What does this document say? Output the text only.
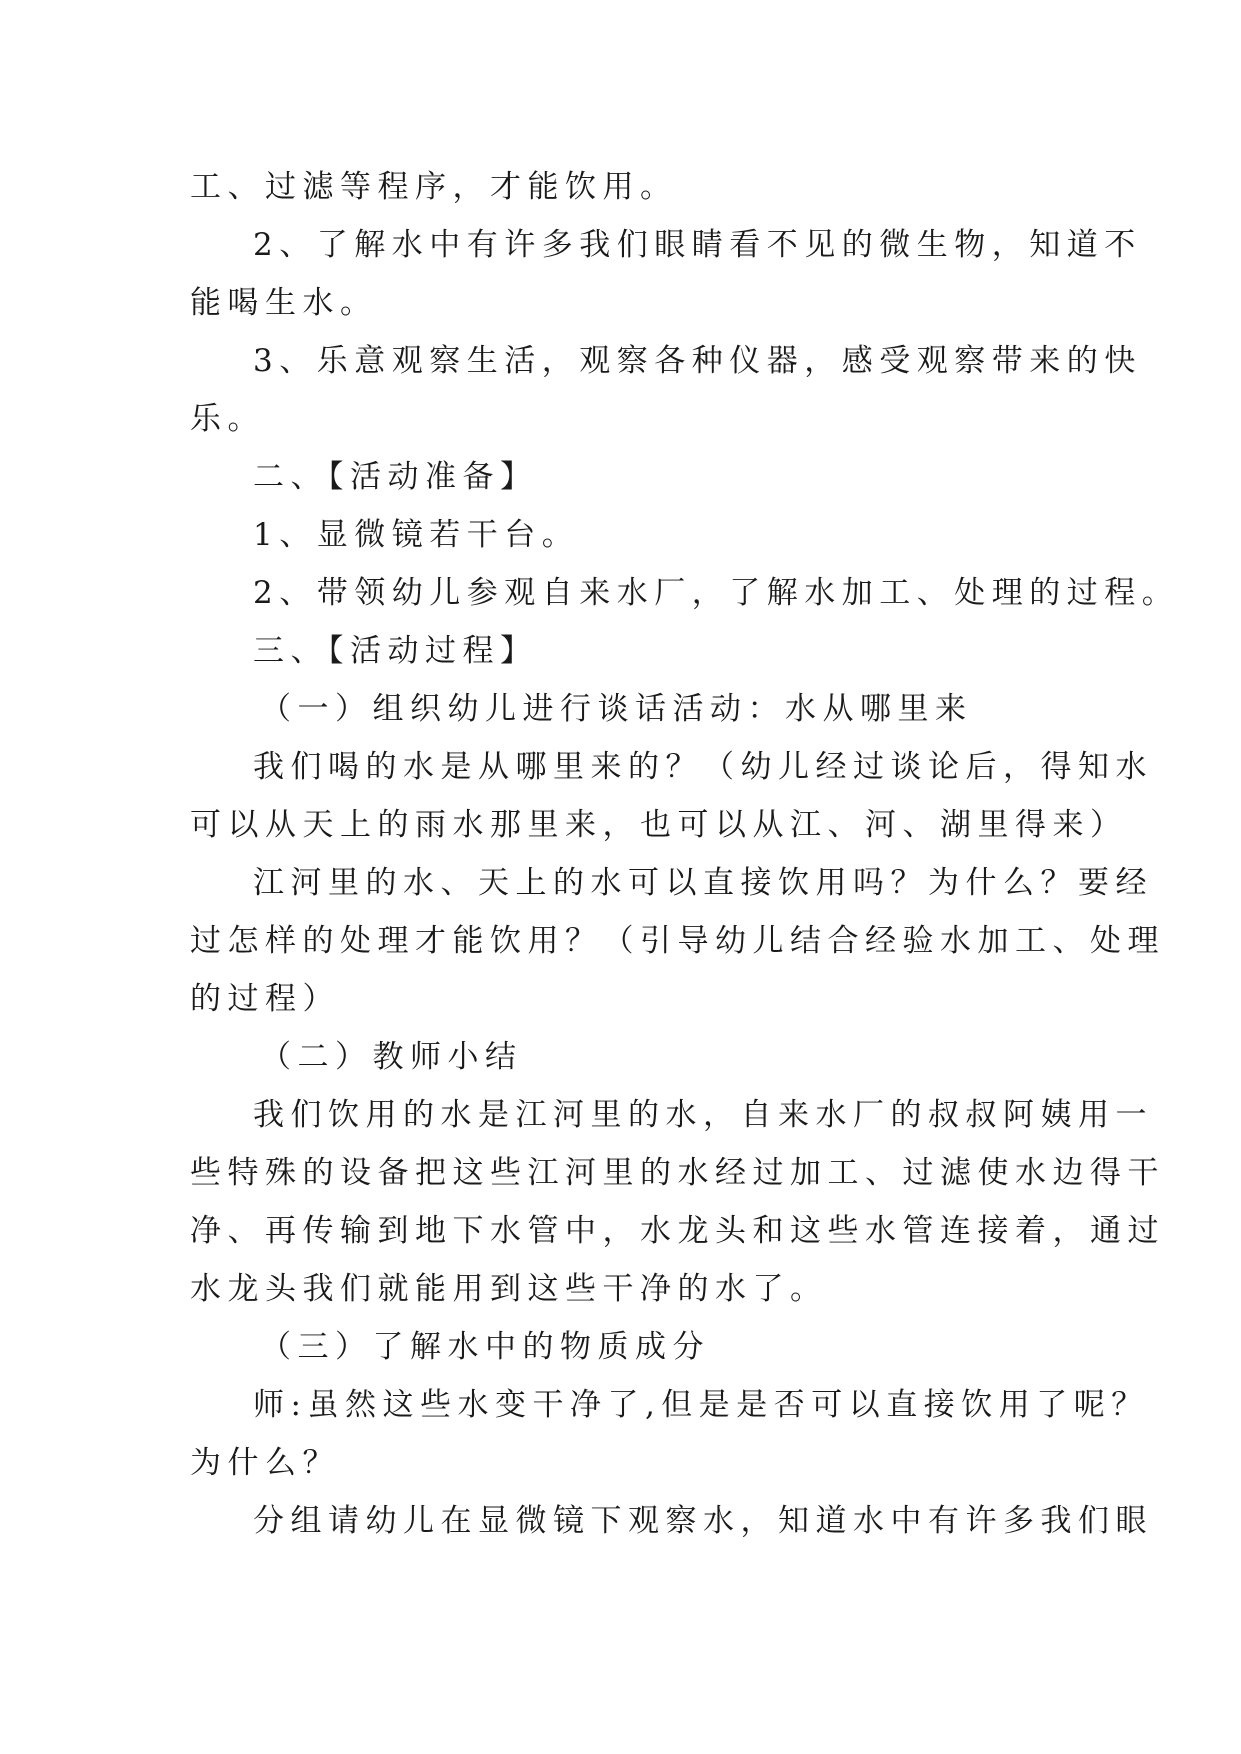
工、过滤等程序，才能饮用。

2、了解水中有许多我们眼睛看不见的微生物，知道不

能喝生水。

3、乐意观察生活，观察各种仪器，感受观察带来的快

乐。

二、【活动准备】

1、显微镜若干台。

2、带领幼儿参观自来水厂，了解水加工、处理的过程。

三、【活动过程】

（一）组织幼儿进行谈话活动：水从哪里来

我们喝的水是从哪里来的？（幼儿经过谈论后，得知水

可以从天上的雨水那里来，也可以从江、河、湖里得来）

江河里的水、天上的水可以直接饮用吗？为什么？要经

过怎样的处理才能饮用？（引导幼儿结合经验水加工、处理

的过程）

（二）教师小结

我们饮用的水是江河里的水，自来水厂的叔叔阿姨用一

些特殊的设备把这些江河里的水经过加工、过滤使水边得干

净、再传输到地下水管中，水龙头和这些水管连接着，通过

水龙头我们就能用到这些干净的水了。

（三）了解水中的物质成分

师:虽然这些水变干净了,但是是否可以直接饮用了呢？

为什么？

分组请幼儿在显微镜下观察水，知道水中有许多我们眼
